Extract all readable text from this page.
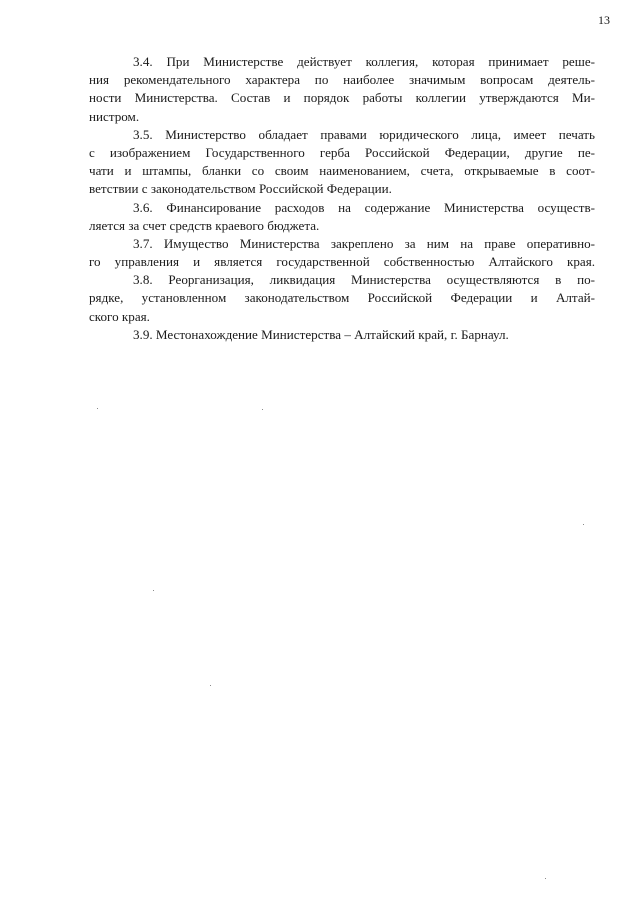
13
3.4. При Министерстве действует коллегия, которая принимает реше-
ния рекомендательного характера по наиболее значимым вопросам деятель-
ности Министерства. Состав и порядок работы коллегии утверждаются Ми-
нистром.
3.5. Министерство обладает правами юридического лица, имеет печать
с изображением Государственного герба Российской Федерации, другие пе-
чати и штампы, бланки со своим наименованием, счета, открываемые в соот-
ветствии с законодательством Российской Федерации.
3.6. Финансирование расходов на содержание Министерства осуществ-
ляется за счет средств краевого бюджета.
3.7. Имущество Министерства закреплено за ним на праве оперативно-
го управления и является государственной собственностью Алтайского края.
3.8. Реорганизация, ликвидация Министерства осуществляются в по-
рядке, установленном законодательством Российской Федерации и Алтай-
ского края.
3.9. Местонахождение Министерства – Алтайский край, г. Барнаул.
